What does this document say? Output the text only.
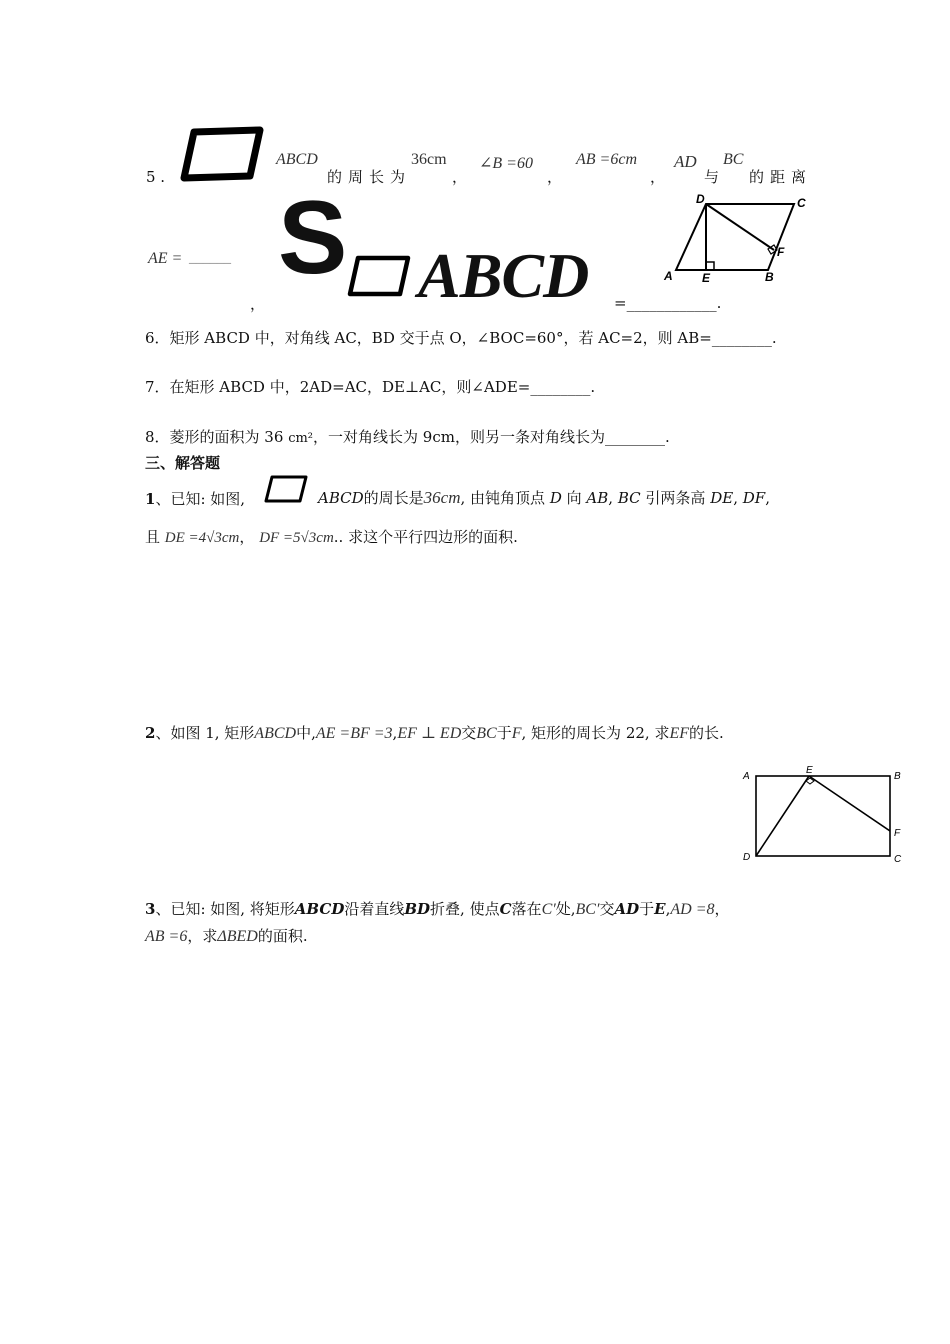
5 .
ABCD
的周长为
36cm
，
∠B =60
，
AB =6cm
，
AD
与
BC
的距离
AE = ______
，
S ABCD =____________.
D	C
F
A E	B
6．矩形 ABCD 中，对角线 AC，BD 交于点 O，∠BOC=60°，若 AC=2，则 AB=________.
7．在矩形 ABCD 中，2AD=AC，DE⊥AC，则∠ADE=________.
8．菱形的面积为 36 cm²，一对角线长为 9cm，则另一条对角线长为________.
三、解答题
1、已知: 如图,	ABCD的周长是36cm, 由钝角顶点 D 向 AB, BC 引两条高 DE, DF,
且 DE =4√3cm， DF =5√3cm.. 求这个平行四边形的面积.
2、如图 1, 矩形ABCD中,AE =BF =3,EF ⊥ ED交BC于F, 矩形的周长为 22, 求EF的长.
A
E
B
F
D	C
3、已知: 如图, 将矩形ABCD沿着直线BD折叠, 使点C落在C′处,BC′交AD于E,AD =8，
AB =6，求ΔBED的面积.
